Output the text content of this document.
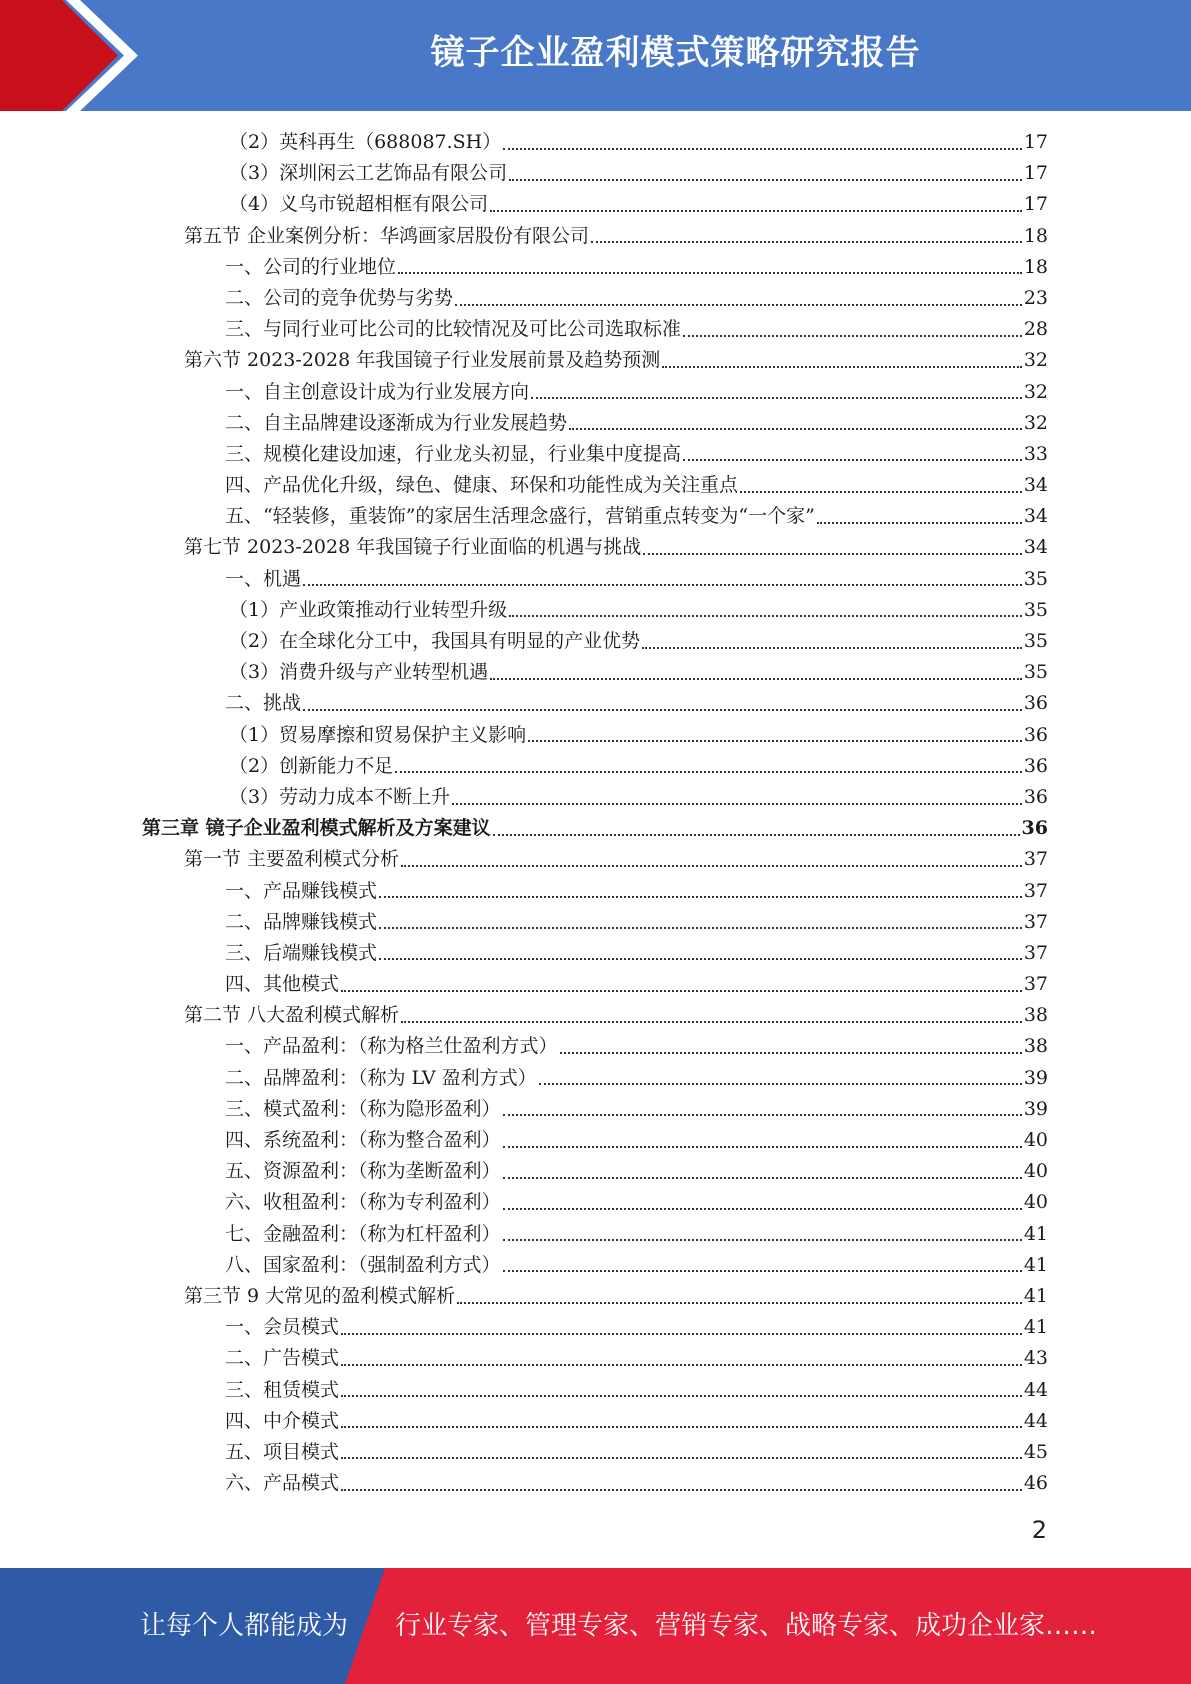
镜子企业盈利模式策略研究报告
（2）英科再生（688087.SH）	17
（3）深圳闲云工艺饰品有限公司	17
（4）义乌市锐超相框有限公司	17
第五节 企业案例分析：华鸿画家居股份有限公司	18
一、公司的行业地位	18
二、公司的竞争优势与劣势	23
三、与同行业可比公司的比较情况及可比公司选取标准	28
第六节 2023-2028 年我国镜子行业发展前景及趋势预测	32
一、自主创意设计成为行业发展方向	32
二、自主品牌建设逐渐成为行业发展趋势	32
三、规模化建设加速，行业龙头初显，行业集中度提高	33
四、产品优化升级，绿色、健康、环保和功能性成为关注重点	34
五、“轻装修，重装饰”的家居生活理念盛行，营销重点转变为“一个家”	34
第七节 2023-2028 年我国镜子行业面临的机遇与挑战	34
一、机遇	35
（1）产业政策推动行业转型升级	35
（2）在全球化分工中，我国具有明显的产业优势	35
（3）消费升级与产业转型机遇	35
二、挑战	36
（1）贸易摩擦和贸易保护主义影响	36
（2）创新能力不足	36
（3）劳动力成本不断上升	36
第三章 镜子企业盈利模式解析及方案建议	36
第一节 主要盈利模式分析	37
一、产品赚钱模式	37
二、品牌赚钱模式	37
三、后端赚钱模式	37
四、其他模式	37
第二节 八大盈利模式解析	38
一、产品盈利：（称为格兰仕盈利方式）	38
二、品牌盈利：（称为 LV 盈利方式）	39
三、模式盈利：（称为隐形盈利）	39
四、系统盈利：（称为整合盈利）	40
五、资源盈利：（称为垄断盈利）	40
六、收租盈利：（称为专利盈利）	40
七、金融盈利：（称为杠杆盈利）	41
八、国家盈利：（强制盈利方式）	41
第三节 9 大常见的盈利模式解析	41
一、会员模式	41
二、广告模式	43
三、租赁模式	44
四、中介模式	44
五、项目模式	45
六、产品模式	46
2
让每个人都能成为 行业专家、管理专家、营销专家、战略专家、成功企业家……
